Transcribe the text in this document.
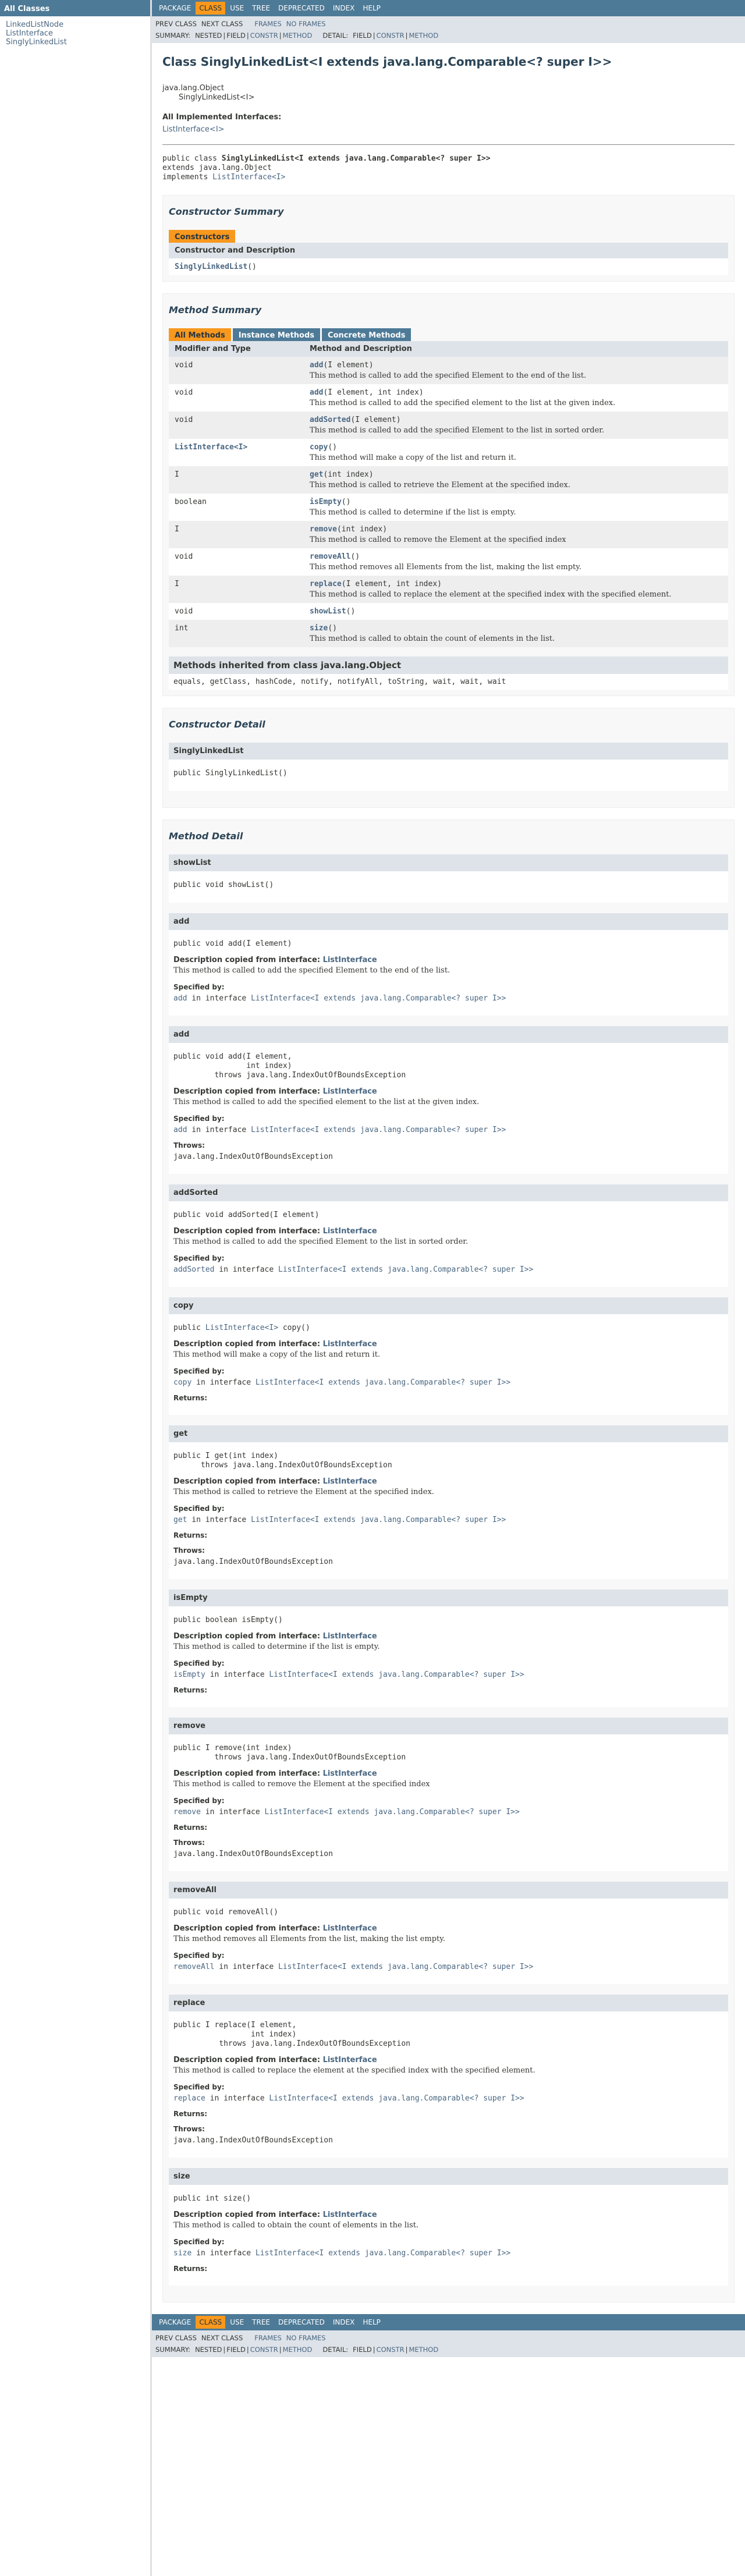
All Classes
LinkedListNode
ListInterface
SinglyLinkedList
PACKAGE	CLASS	USE	TREE	DEPRECATED	INDEX	HELP
PREV CLASS NEXT CLASS FRAMES NO FRAMES
SUMMARY: NESTED | FIELD | CONSTR | METHOD DETAIL: FIELD | CONSTR | METHOD
Class SinglyLinkedList<I extends java.lang.Comparable<? super I>>
java.lang.Object
SinglyLinkedList<I>
All Implemented Interfaces:
ListInterface<I>
public class SinglyLinkedList<I extends java.lang.Comparable<? super I>>
extends java.lang.Object
implements ListInterface<I>
Constructor Summary
Constructors
Constructor and Description
SinglyLinkedList()
Method Summary
All Methods Instance Methods Concrete Methods
Modifier and Type	Method and Description
void	add(I element)
This method is called to add the specified Element to the end of the list.

void	add(I element, int index)
This method is called to add the specified element to the list at the given index.

void	addSorted(I element)
This method is called to add the specified Element to the list in sorted order.

ListInterface<I>	copy()
This method will make a copy of the list and return it.

I	get(int index)
This method is called to retrieve the Element at the specified index.

boolean	isEmpty()
This method is called to determine if the list is empty.

I	remove(int index)
This method is called to remove the Element at the specified index

void	removeAll()
This method removes all Elements from the list, making the list empty.

I	replace(I element, int index)
This method is called to replace the element at the specified index with the specified element.

void	showList()
int	size()
This method is called to obtain the count of elements in the list.
Methods inherited from class java.lang.Object
equals, getClass, hashCode, notify, notifyAll, toString, wait, wait, wait
Constructor Detail
SinglyLinkedList
public SinglyLinkedList()
Method Detail
showList
public void showList()
add
public void add(I element)
Description copied from interface: ListInterface
This method is called to add the specified Element to the end of the list.
Specified by:
add in interface ListInterface<I extends java.lang.Comparable<? super I>>
add
public void add(I element,
int index)
throws java.lang.IndexOutOfBoundsException
Description copied from interface: ListInterface
This method is called to add the specified element to the list at the given index.
Specified by:
add in interface ListInterface<I extends java.lang.Comparable<? super I>>
Throws:
java.lang.IndexOutOfBoundsException
addSorted
public void addSorted(I element)
Description copied from interface: ListInterface
This method is called to add the specified Element to the list in sorted order.
Specified by:
addSorted in interface ListInterface<I extends java.lang.Comparable<? super I>>
copy
public ListInterface<I> copy()
Description copied from interface: ListInterface
This method will make a copy of the list and return it.
Specified by:
copy in interface ListInterface<I extends java.lang.Comparable<? super I>>
Returns:
get
public I get(int index)
throws java.lang.IndexOutOfBoundsException
Description copied from interface: ListInterface
This method is called to retrieve the Element at the specified index.
Specified by:
get in interface ListInterface<I extends java.lang.Comparable<? super I>>
Returns:
Throws:
java.lang.IndexOutOfBoundsException
isEmpty
public boolean isEmpty()
Description copied from interface: ListInterface
This method is called to determine if the list is empty.
Specified by:
isEmpty in interface ListInterface<I extends java.lang.Comparable<? super I>>
Returns:
remove
public I remove(int index)
throws java.lang.IndexOutOfBoundsException
Description copied from interface: ListInterface
This method is called to remove the Element at the specified index
Specified by:
remove in interface ListInterface<I extends java.lang.Comparable<? super I>>
Returns:
Throws:
java.lang.IndexOutOfBoundsException
removeAll
public void removeAll()
Description copied from interface: ListInterface
This method removes all Elements from the list, making the list empty.
Specified by:
removeAll in interface ListInterface<I extends java.lang.Comparable<? super I>>
replace
public I replace(I element,
int index)
throws java.lang.IndexOutOfBoundsException
Description copied from interface: ListInterface
This method is called to replace the element at the specified index with the specified element.
Specified by:
replace in interface ListInterface<I extends java.lang.Comparable<? super I>>
Returns:
Throws:
java.lang.IndexOutOfBoundsException
size
public int size()
Description copied from interface: ListInterface
This method is called to obtain the count of elements in the list.
Specified by:
size in interface ListInterface<I extends java.lang.Comparable<? super I>>
Returns:
PACKAGE	CLASS	USE	TREE	DEPRECATED	INDEX	HELP
PREV CLASS NEXT CLASS FRAMES NO FRAMES
SUMMARY: NESTED | FIELD | CONSTR | METHOD DETAIL: FIELD | CONSTR | METHOD
